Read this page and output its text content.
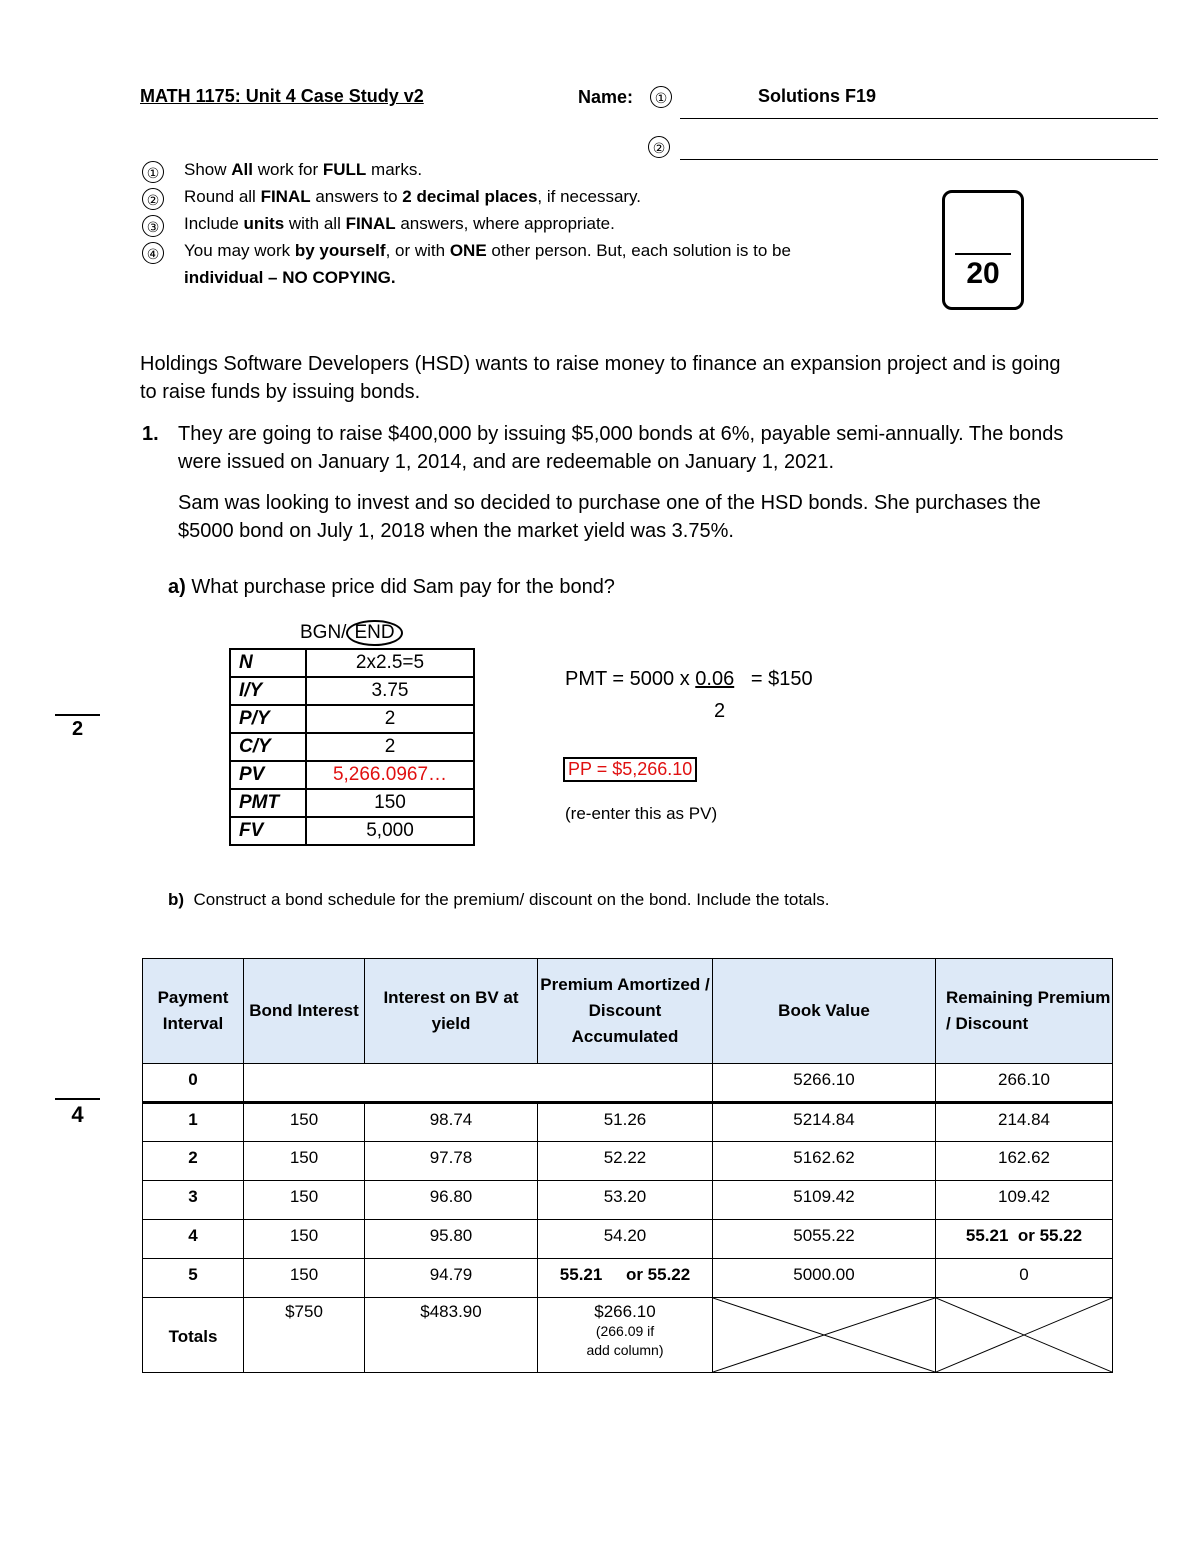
MATH 1175: Unit 4 Case Study v2	Name: ①	Solutions F19
②
① Show All work for FULL marks.
② Round all FINAL answers to 2 decimal places, if necessary.
③ Include units with all FINAL answers, where appropriate.
④ You may work by yourself, or with ONE other person. But, each solution is to be
individual – NO COPYING.	20
Holdings Software Developers (HSD) wants to raise money to finance an expansion project and is going to raise funds by issuing bonds.
1. They are going to raise $400,000 by issuing $5,000 bonds at 6%, payable semi-annually. The bonds were issued on January 1, 2014, and are redeemable on January 1, 2021.
Sam was looking to invest and so decided to purchase one of the HSD bonds. She purchases the $5000 bond on July 1, 2018 when the market yield was 3.75%.
a) What purchase price did Sam pay for the bond?
2
BGN/ END
N	2x2.5=5
I/Y	3.75
P/Y	2
C/Y	2
PV	5,266.0967…
PMT	150
FV	5,000
PMT = 5000 x 0.06   = $150
2
PP = $5,266.10
(re-enter this as PV)
b) Construct a bond schedule for the premium/ discount on the bond. Include the totals.
4
Payment Interval	Bond Interest	Interest on BV at yield	Premium Amortized / Discount Accumulated	Book Value	Remaining Premium / Discount
0				5266.10	266.10
1	150	98.74	51.26	5214.84	214.84
2	150	97.78	52.22	5162.62	162.62
3	150	96.80	53.20	5109.42	109.42
4	150	95.80	54.20	5055.22	55.21  or 55.22
5	150	94.79	55.21     or 55.22	5000.00	0
Totals	$750	$483.90	$266.10
(266.09 if
add column)
